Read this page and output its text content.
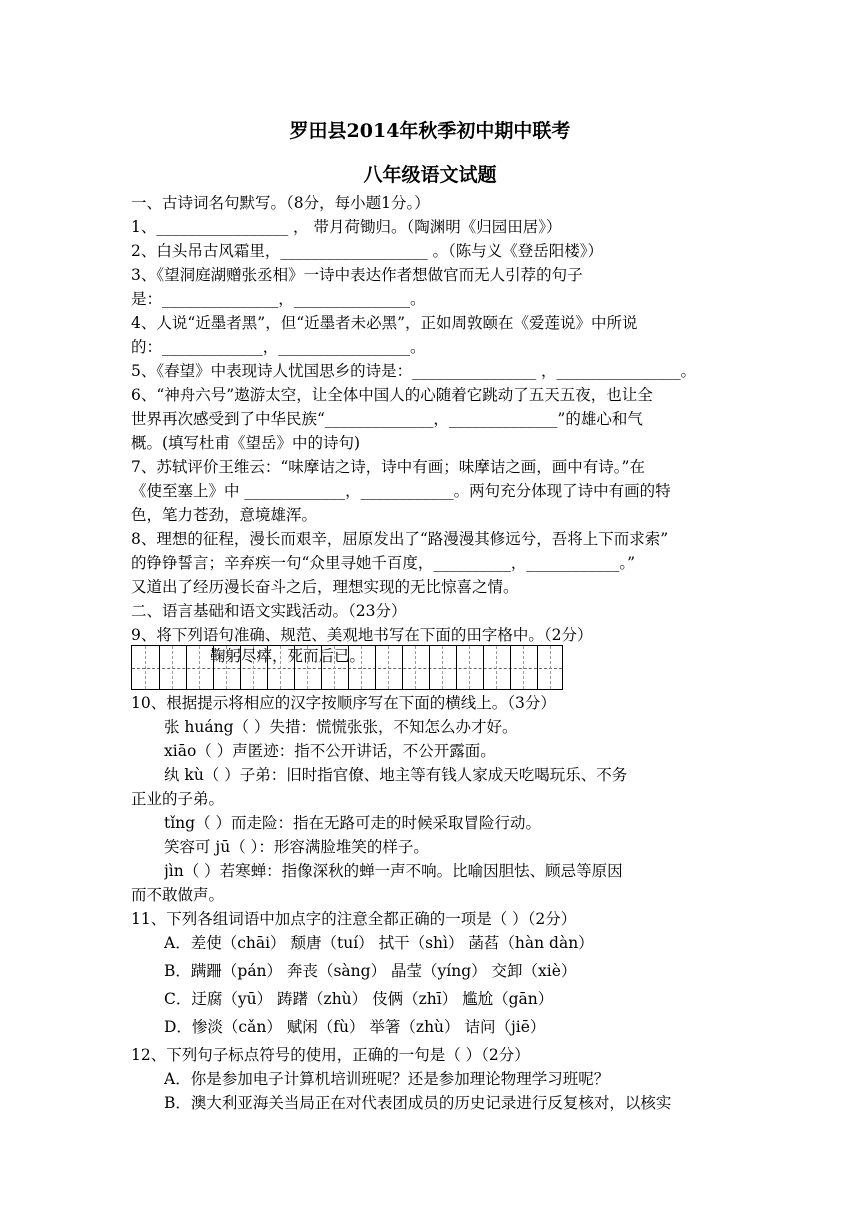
罗田县2014年秋季初中期中联考
八年级语文试题
一、古诗词名句默写。（8分，每小题1分。）
1、_________________ ， 带月荷锄归。（陶渊明《归园田居》）
2、白头吊古风霜里，___________________ 。（陈与义《登岳阳楼》）
3、《望洞庭湖赠张丞相》一诗中表达作者想做官而无人引荐的句子
是：_______________，_______________。
4、人说“近墨者黑”，但“近墨者未必黑”，正如周敦颐在《爱莲说》中所说
的：_____________，_________________。
5、《春望》中表现诗人忧国思乡的诗是：________________ ，________________。
6、“神舟六号”遨游太空，让全体中国人的心随着它跳动了五天五夜，也让全
世界再次感受到了中华民族“______________，______________”的雄心和气
概。(填写杜甫《望岳》中的诗句)
7、苏轼评价王维云：“味摩诘之诗，诗中有画；味摩诘之画，画中有诗。”在
《使至塞上》中 _____________，____________。两句充分体现了诗中有画的特
色，笔力苍劲，意境雄浑。
8、理想的征程，漫长而艰辛，屈原发出了“路漫漫其修远兮，吾将上下而求索”
的铮铮誓言；辛弃疾一句“众里寻她千百度，__________，____________。”
又道出了经历漫长奋斗之后，理想实现的无比惊喜之情。
二、语言基础和语文实践活动。（23分）
9、将下列语句准确、规范、美观地书写在下面的田字格中。（2分）
鞠躬尽瘁，死而后已。
10、根据提示将相应的汉字按顺序写在下面的横线上。（3分）
张 huáng（ ）失措：慌慌张张，不知怎么办才好。
xiāo（ ）声匿迹：指不公开讲话，不公开露面。
纨 kù（ ）子弟：旧时指官僚、地主等有钱人家成天吃喝玩乐、不务
正业的子弟。
tǐng（ ）而走险：指在无路可走的时候采取冒险行动。
笑容可 jū（ ）：形容满脸堆笑的样子。
jìn（ ）若寒蝉：指像深秋的蝉一声不响。比喻因胆怯、顾忌等原因
而不敢做声。
11、下列各组词语中加点字的注意全都正确的一项是（ ）（2分）
A．差使（chāi） 颓唐（tuí） 拭干（shì） 菡萏（hàn dàn）
B．蹒跚（pán） 奔丧（sàng） 晶莹（yíng） 交卸（xiè）
C．迂腐（yū） 踌躇（zhù） 伎俩（zhī） 尴尬（gān）
D．惨淡（cǎn） 赋闲（fù） 举箸（zhù） 诘问（jiē）
12、下列句子标点符号的使用，正确的一句是（ ）（2分）
A．你是参加电子计算机培训班呢？还是参加理论物理学习班呢？
B．澳大利亚海关当局正在对代表团成员的历史记录进行反复核对，以核实
